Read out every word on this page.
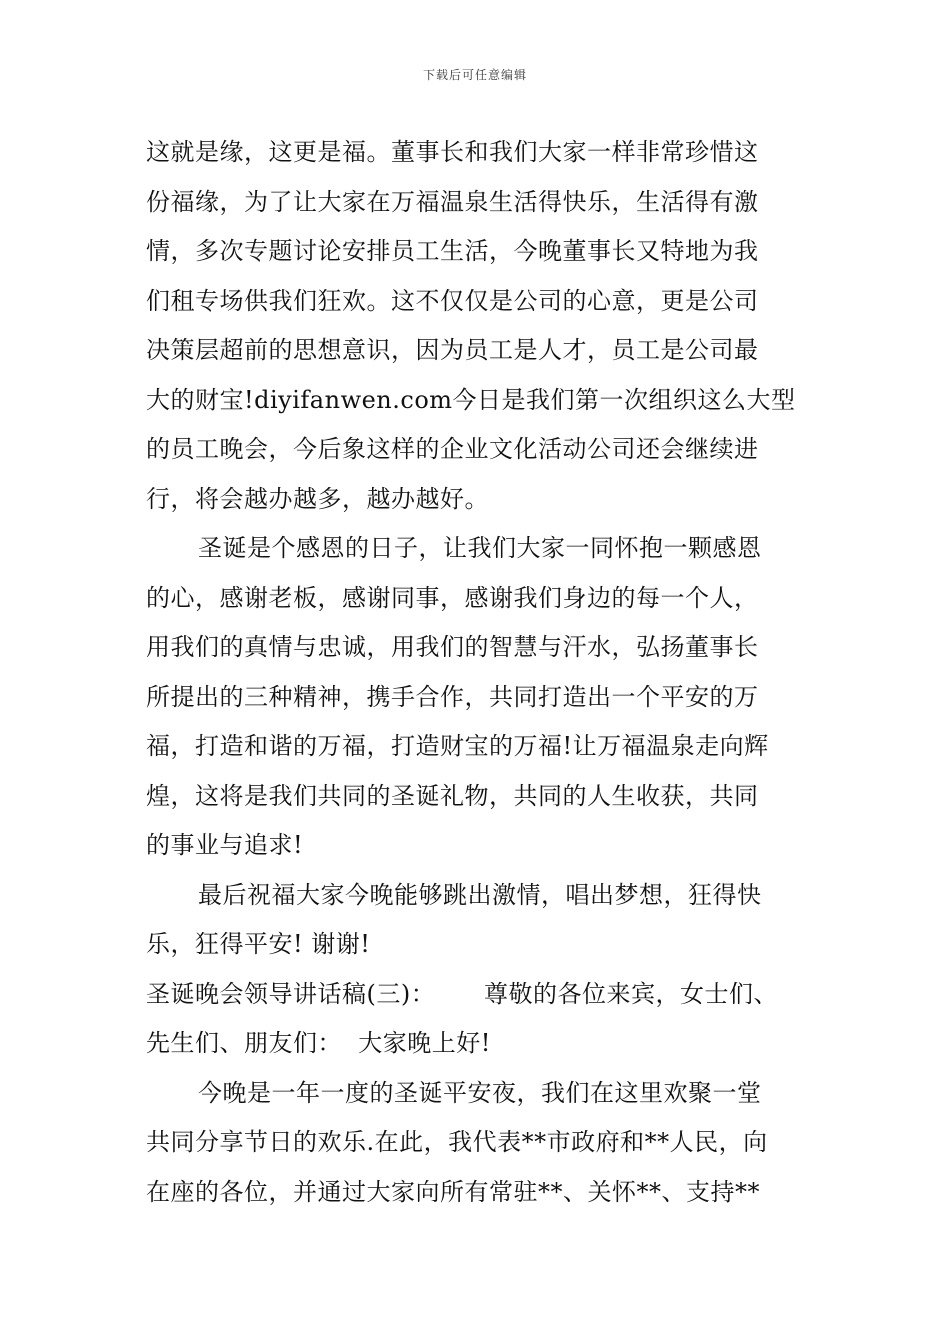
下载后可任意编辑
这就是缘，这更是福。董事长和我们大家一样非常珍惜这
份福缘，为了让大家在万福温泉生活得快乐，生活得有激
情，多次专题讨论安排员工生活，今晚董事长又特地为我
们租专场供我们狂欢。这不仅仅是公司的心意，更是公司
决策层超前的思想意识，因为员工是人才，员工是公司最
大的财宝!diyifanwen.com今日是我们第一次组织这么大型
的员工晚会，今后象这样的企业文化活动公司还会继续进
行，将会越办越多，越办越好。
圣诞是个感恩的日子，让我们大家一同怀抱一颗感恩
的心，感谢老板，感谢同事，感谢我们身边的每一个人，
用我们的真情与忠诚，用我们的智慧与汗水，弘扬董事长
所提出的三种精神，携手合作，共同打造出一个平安的万
福，打造和谐的万福，打造财宝的万福!让万福温泉走向辉
煌，这将是我们共同的圣诞礼物，共同的人生收获，共同
的事业与追求!
最后祝福大家今晚能够跳出激情，唱出梦想，狂得快
乐，狂得平安! 谢谢!
圣诞晚会领导讲话稿(三)：      尊敬的各位来宾，女士们、
先生们、朋友们：  大家晚上好!
今晚是一年一度的圣诞平安夜，我们在这里欢聚一堂
共同分享节日的欢乐.在此，我代表**市政府和**人民，向
在座的各位，并通过大家向所有常驻**、关怀**、支持**
